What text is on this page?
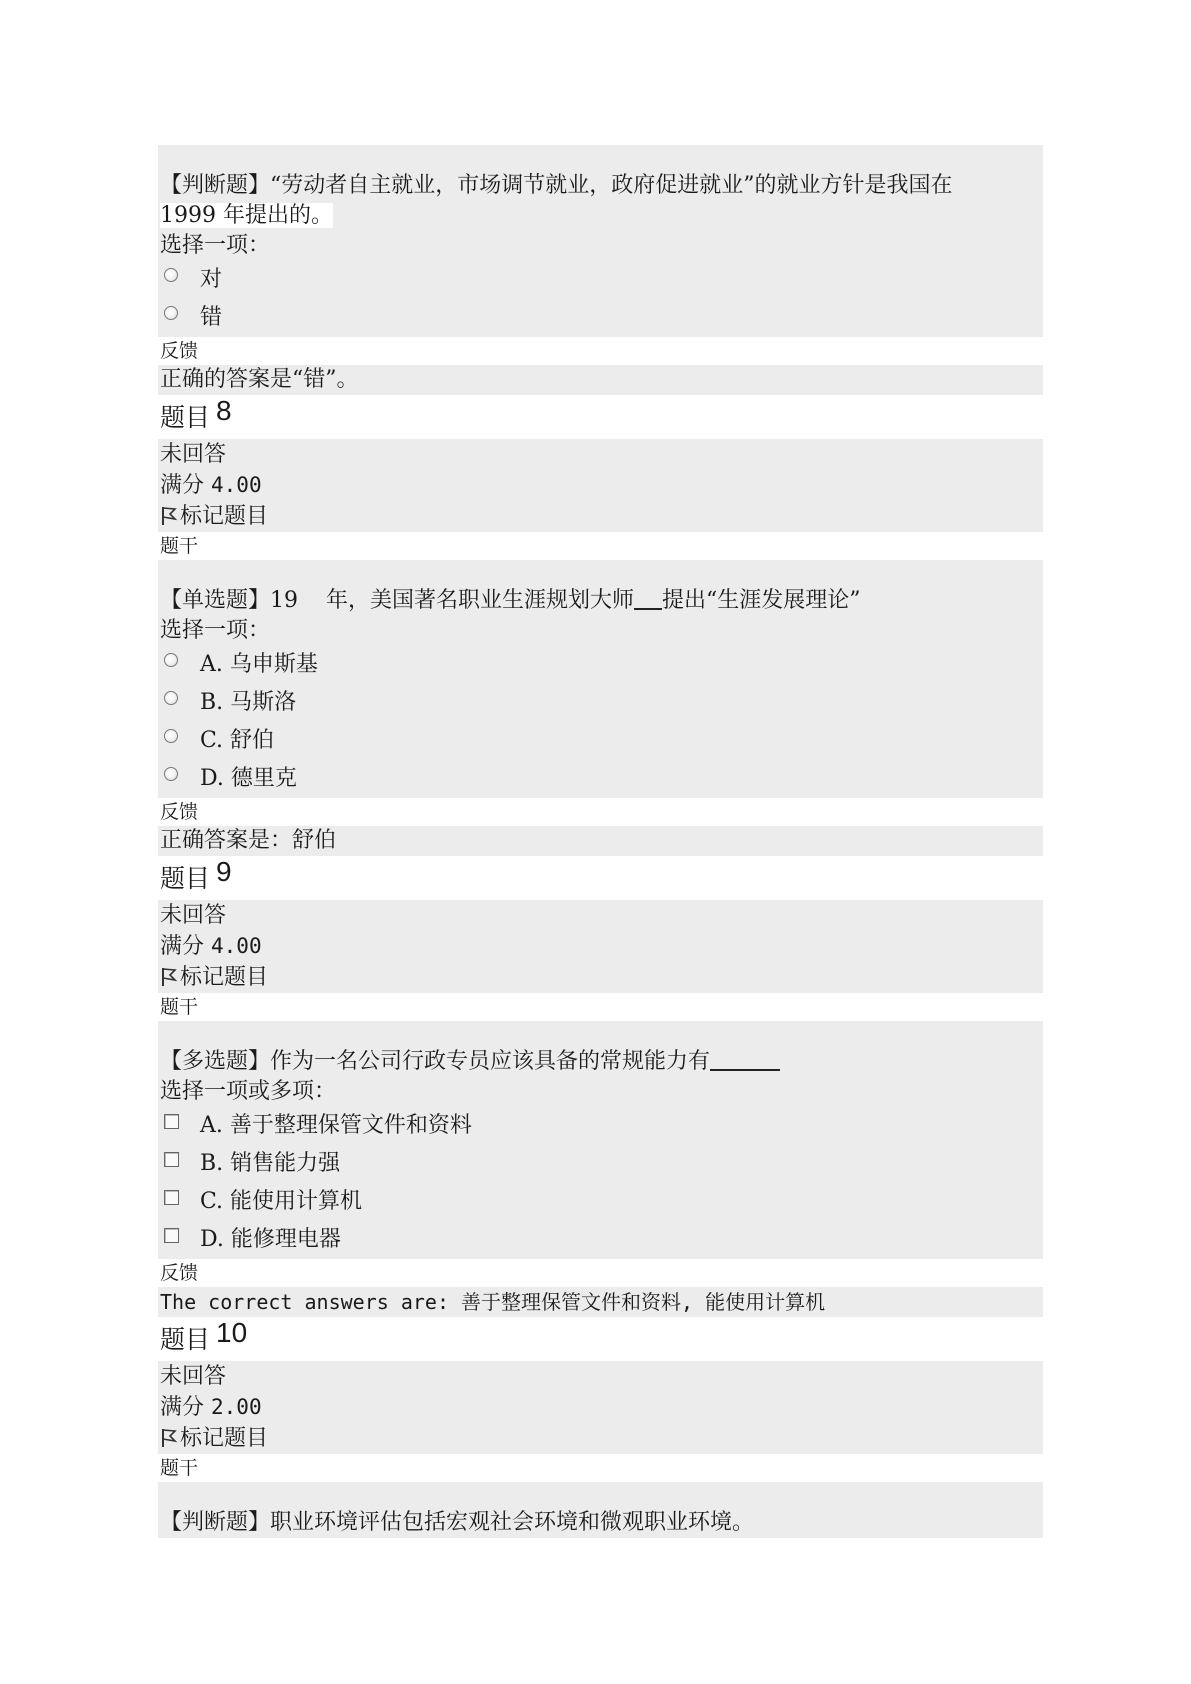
【判断题】“劳动者自主就业，市场调节就业，政府促进就业”的就业方针是我国在
1999 年提出的。
选择一项：
对
错
反馈
正确的答案是“错”。
题目 8
未回答
满分 4.00
标记题目
题干
【单选题】19 年，美国著名职业生涯规划大师 提出“生涯发展理论”
选择一项：
A. 乌申斯基
B. 马斯洛
C. 舒伯
D. 德里克
反馈
正确答案是：舒伯
题目 9
未回答
满分 4.00
标记题目
题干
【多选题】作为一名公司行政专员应该具备的常规能力有
选择一项或多项：
A. 善于整理保管文件和资料
B. 销售能力强
C. 能使用计算机
D. 能修理电器
反馈
The correct answers are: 善于整理保管文件和资料, 能使用计算机
题目 10
未回答
满分 2.00
标记题目
题干
【判断题】职业环境评估包括宏观社会环境和微观职业环境。
